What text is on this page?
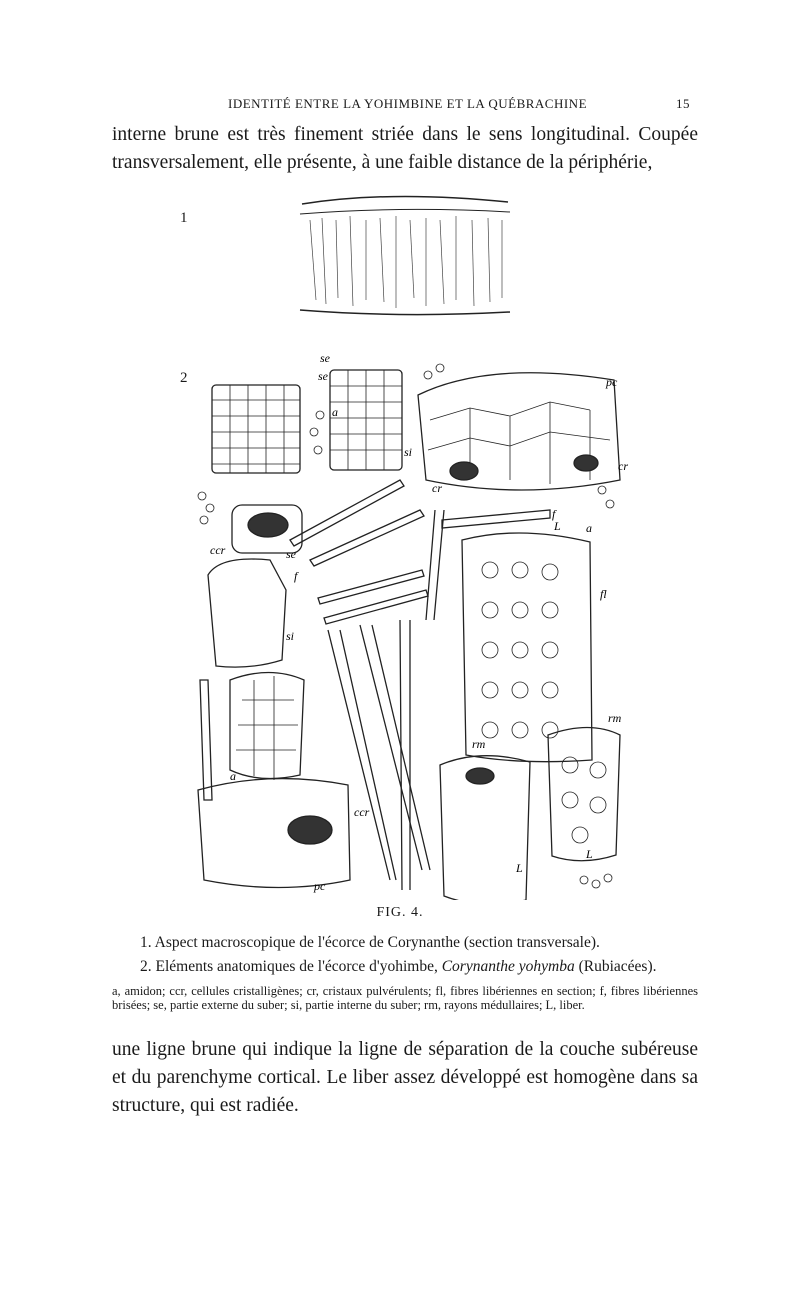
IDENTITÉ ENTRE LA YOHIMBINE ET LA QUÉBRACHINE	15
interne brune est très finement striée dans le sens longitudinal. Coupée transversalement, elle présente, à une faible distance de la périphérie,
1
2	se
se
a
si
pc
cr
cr
f
L a
ccr	se
f
fl
si
rm
rm
a
ccr
pc
L
L
FIG. 4.
1. Aspect macroscopique de l'écorce de Corynanthe (section transversale).
2. Eléments anatomiques de l'écorce d'yohimbe, Corynanthe yohymba (Rubiacées).
a, amidon; ccr, cellules cristalligènes; cr, cristaux pulvérulents; fl, fibres libériennes en section; f, fibres libériennes brisées; se, partie externe du suber; si, partie interne du suber; rm, rayons médullaires; L, liber.
une ligne brune qui indique la ligne de séparation de la couche subéreuse et du parenchyme cortical. Le liber assez développé est homogène dans sa structure, qui est radiée.
